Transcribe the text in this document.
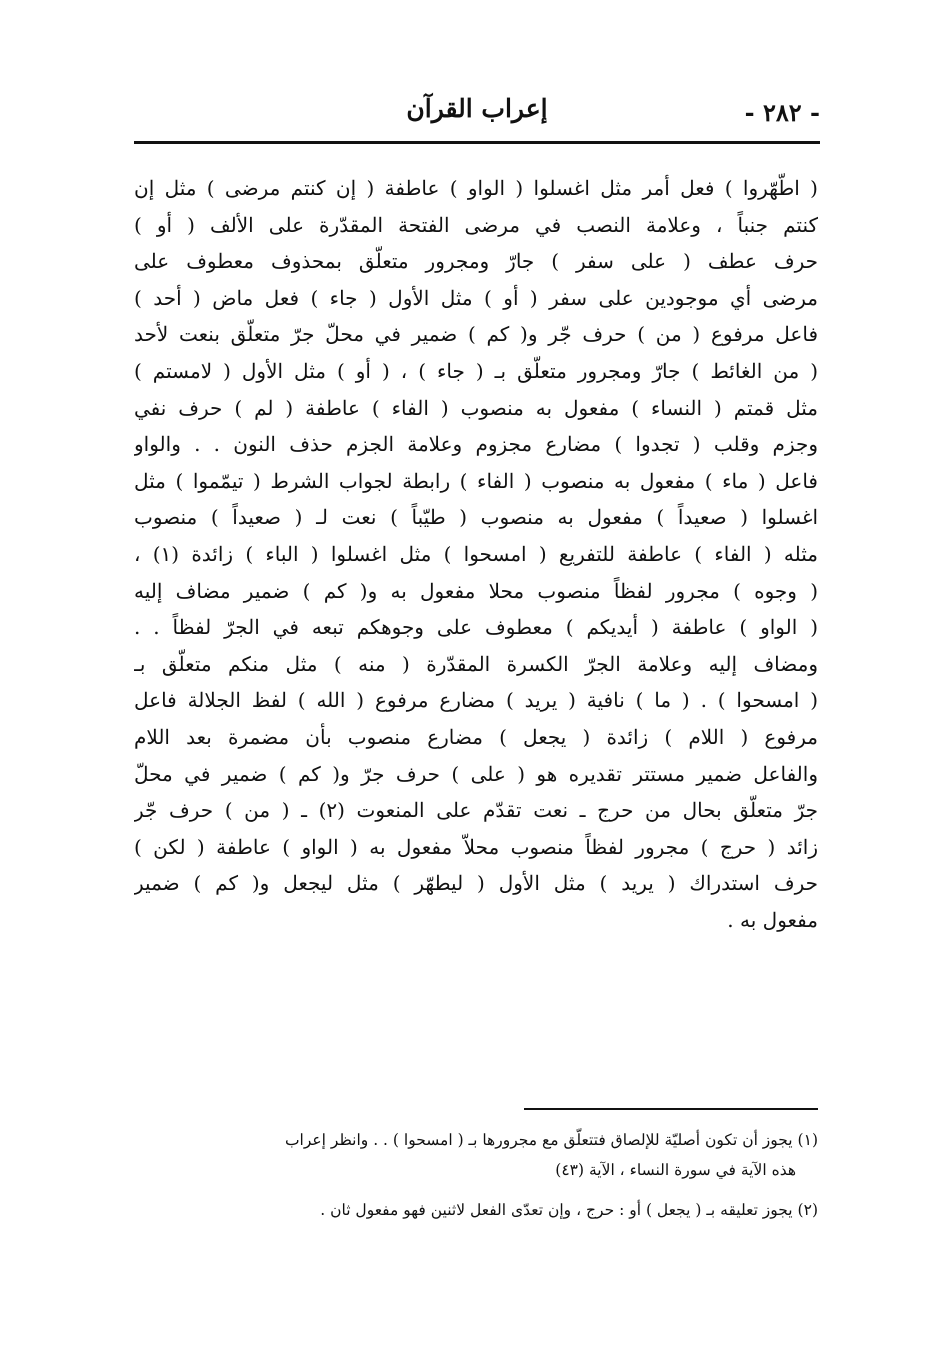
- ٢٨٢ -
إعراب القرآن
( اطّهّروا ) فعل أمر مثل اغسلوا ( الواو ) عاطفة ( إن كنتم مرضى ) مثل إن
كنتم جنباً ، وعلامة النصب في مرضى الفتحة المقدّرة على الألف ( أو )
حرف عطف ( على سفر ) جارّ ومجرور متعلّق بمحذوف معطوف على
مرضى أي موجودين على سفر ( أو ) مثل الأول ( جاء ) فعل ماض ( أحد )
فاعل مرفوع ( من ) حرف جّر و( كم ) ضمير في محلّ جرّ متعلّق بنعت لأحد
( من الغائط ) جارّ ومجرور متعلّق بـ ( جاء ) ، ( أو ) مثل الأول ( لامستم )
مثل قمتم ( النساء ) مفعول به منصوب ( الفاء ) عاطفة ( لم ) حرف نفي
وجزم وقلب ( تجدوا ) مضارع مجزوم وعلامة الجزم حذف النون . . والواو
فاعل ( ماء ) مفعول به منصوب ( الفاء ) رابطة لجواب الشرط ( تيمّموا ) مثل
اغسلوا ( صعيداً ) مفعول به منصوب ( طيّباً ) نعت لـ ( صعيداً ) منصوب
مثله ( الفاء ) عاطفة للتفريع ( امسحوا ) مثل اغسلوا ( الباء ) زائدة (١) ،
( وجوه ) مجرور لفظاً منصوب محلا مفعول به و( كم ) ضمير مضاف إليه
( الواو ) عاطفة ( أيديكم ) معطوف على وجوهكم تبعه في الجرّ لفظاً . .
ومضاف إليه وعلامة الجرّ الكسرة المقدّرة ( منه ) مثل منكم متعلّق بـ
( امسحوا ) . ( ما ) نافية ( يريد ) مضارع مرفوع ( الله ) لفظ الجلالة فاعل
مرفوع ( اللام ) زائدة ( يجعل ) مضارع منصوب بأن مضمرة بعد اللام
والفاعل ضمير مستتر تقديره هو ( على ) حرف جرّ و( كم ) ضمير في محلّ
جرّ متعلّق بحال من حرج ـ نعت تقدّم على المنعوت (٢) ـ ( من ) حرف جّر
زائد ( حرج ) مجرور لفظاً منصوب محلاّ مفعول به ( الواو ) عاطفة ( لكن )
حرف استدراك ( يريد ) مثل الأول ( ليطهّر ) مثل ليجعل و( كم ) ضمير
مفعول به .
(١) يجوز أن تكون أصليّة للإلصاق فتتعلّق مع مجرورها بـ ( امسحوا ) . . وانظر إعراب
هذه الآية في سورة النساء ، الآية (٤٣)
(٢) يجوز تعليقه بـ ( يجعل ) أو : حرج ، وإن تعدّى الفعل لاثنين فهو مفعول ثان .
